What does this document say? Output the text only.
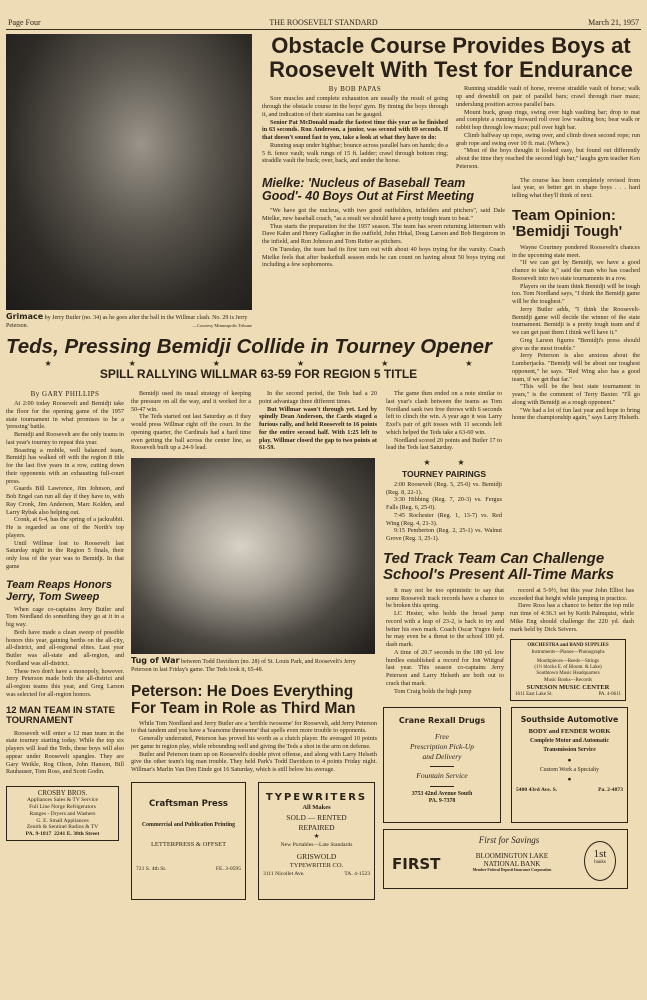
Page Four	THE ROOSEVELT STANDARD	March 21, 1957
Grimace by Jerry Butler (no. 34) as he goes after the ball in the Willmar clash. No. 29 is Jerry Peterson.	—Courtesy Minneapolis Tribune
Obstacle Course Provides Boys at Roosevelt With Test for Endurance
By BOB PAPAS

Sore muscles and complete exhaustion are usually the result of going through the obstacle course in the boys' gym. By timing the boys through it, and indication of their stamina can be gauged.

Senior Pat McDonald made the fastest time this year as he finished in 63 seconds. Ron Anderson, a junior, was second with 69 seconds. If that doesn't sound fast to you, take a look at what they have to do:

Running snap under highbar; bounce across parallel bars on hands; do a 5 ft. fence vault; walk rungs of 15 ft. ladder; crawl through bottom ring; straddle vault the buck; over, back, and under the horse.

Running straddle vault of horse, reverse straddle vault of horse; walk up and downhill on pair of parallel bars; crawl through riser maze; underslung position across parallel bars.

Mount buck, grasp rings, swing over high vaulting bar; drop to mat and complete a running forward roll over low vaulting box; bear walk or rabbit hop through low maze; pull over high bar.

Climb halfway up rope, swing over, and climb down second rope; run grab rope and swing over 10 ft. mat. (Whew.)

"Most of the boys thought it looked easy, but found out differently about the time they reached the second high bar," laughs gym teacher Ken Peterson.

Mielke: 'Nucleus of Baseball Team Good'- 40 Boys Out at First Meeting

"We have got the nucleus, with two good outfielders, infielders and pitchers", said Dale Mielke, new baseball coach, "as a result we should have a pretty tough team to beat."

Thus starts the preparation for the 1957 season. The team has seven returning lettermen with Dave Kahn and Henry Gallagher in the outfield, John Hrkal, Doug Larson and Bob Bergstrom in the infield, and Ron Johnson and Tom Reiter as pitchers.

On Tuesday, the team had its first turn out with about 40 boys trying for the varsity. Coach Mielke feels that after basketball season ends he can count on having about 50 boys trying out including a few sophomores.

The course has been completely revised from last year, so better get in shape boys . . . hard telling what they'll think of next.

Team Opinion: 'Bemidji Tough'

Wayne Courtney pondered Roosevelt's chances in the upcoming state meet.

"If we can get by Bemidji, we have a good chance to take it," said the man who has coached Roosevelt into two state tournaments in a row.

Players on the team think Bemidji will be tough too. Tom Nordland says, "I think the Bemidji game will be the toughest."

Jerry Butler adds, "I think the Roosevelt-Bemidji game will decide the winner of the state tournament. Bemidji is a pretty tough team and if we can get past them I think we'll have it."

Greg Larson figures "Bemidji's press should give us the most trouble."

Jerry Peterson is also anxious about the Lumberjacks. "Bemidji will be about our toughest opponent," he says. "Red Wing also has a good team, if we get that far."

"This will be the best state tournament in years," is the comment of Terry Baxter. "I'll go along with Bemidji as a rough opponent."

"We had a lot of fun last year and hope to bring home the championship again," says Larry Helseth.

Teds, Pressing Bemidji Collide in Tourney Opener
★	★	★	★	★	★
SPILL RALLYING WILLMAR 63-59 FOR REGION 5 TITLE
By GARY PHILLIPS

At 2:00 today Roosevelt and Bemidji take the floor for the opening game of the 1957 state tournament in what promises to be a 'pressing' battle.

Bemidji and Roosevelt are the only teams in last year's tourney to repeat this year.

Boasting a mobile, well balanced team, Bemidji has walked off with the region 8 title for the last five years in a row, cutting down their opponents with an exhausting full-court press.

Guards Bill Lawrence, Jim Johnson, and Bob Engel can run all day if they have to, with Ray Cronk, Jim Anderson, Marc Kolden, and Larry Rybak also helping out.

Cronk, at 6-4, has the spring of a jackrabbit. He is regarded as one of the North's top players.

Until Willmar lost to Roosevelt last Saturday night in the Region 5 finals, their only loss of the year was to Bemidji. In that game

Team Reaps Honors Jerry, Tom Sweep

When cage co-captains Jerry Butler and Tom Nordland do something they go at it in a big way.

Both have made a clean sweep of possible honors this year, gaining berths on the all-city, all-district, and all-regional elites. Last year Butler was all-state and all-region, and Nordland was all-district.

These two don't have a monopoly, however. Jerry Peterson made both the all-district and all-region teams this year, and Greg Larson was selected for all-region honors.

12 MAN TEAM IN STATE TOURNAMENT

Roosevelt will enter a 12 man team in the state tourney starting today. While the top six players will lead the Teds, these boys will also appear under Roosevelt spangles. They are Gary Weikle, Rog Olson, John Hanson, Bill Rauhauser, Tom Ross, and Scott Godin.

CROSBY BROS.
Appliances Sales & TV Service
Full Line Norge Refrigerators
Ranges - Dryers and Washers
G. E. Small Appliances
Zenith & Sentinel Radios & TV
PA. 9-1817 2241 E. 38th Street

Bemidji used its usual strategy of keeping the pressure on all the way, and it worked for a 50-47 win.

The Teds started out last Saturday as if they would press Willmar right off the court. In the opening quarter, the Cardinals had a hard time even getting the ball across the center line, as Roosevelt built up a 24-9 lead.

In the second period, the Teds had a 20 point advantage three different times.

But Willmar wasn't through yet. Led by spindly Dean Anderson, the Cards staged a furious rally, and held Roosevelt to 16 points for the entire second half. With 1:25 left to play, Willmar closed the gap to two points at 61-59.

Tug of War between Todd Davidson (no. 28) of St. Louis Park, and Roosevelt's Jerry Peterson in last Friday's game. The Teds took it, 65-48.
Peterson: He Does Everything For Team in Role as Third Man

While Tom Nordland and Jerry Butler are a 'terrible twosome' for Roosevelt, add Jerry Peterson to that tandem and you have a 'fearsome threesome' that spells even more trouble to opponents.

Generally underrated, Peterson has proved his worth as a clutch player. He averaged 10 points per game in region play, while rebounding well and giving the Teds a shot in the arm on defense.

Butler and Peterson team up on Roosevelt's double pivot offense, and along with Larry Helseth give the other team's big man trouble. They held Park's Todd Davidson to 4 points Friday night. Willmar's Marlin Van Den Einde got 16 Saturday, which is still below his average.

Craftsman Press
Commercial and Publication Printing
LETTERPRESS & OFFSET
721 S. 4th St.	FE. 3-0595
TYPEWRITERS
All Makes
SOLD — RENTED
REPAIRED
★
New Portables—Late Standards
GRISWOLD
TYPEWRITER CO.
3111 Nicollet Ave.	TA. 4-1523

The game then ended on a note similar to last year's clash between the teams as Tom Nordland sank two free throws with 6 seconds left to clinch the win. A year ago it was Larry Exel's pair of gift tosses with 11 seconds left which helped the Teds take a 63-60 win.

Nordland scored 20 points and Butler 17 to lead the Teds last Saturday.

★	★
TOURNEY PAIRINGS

2:00 Roosevelt (Reg. 5, 25-0) vs. Bemidji (Reg. 8, 22-1).

3:30 Hibbing (Reg. 7, 20-3) vs. Fergus Falls (Reg. 6, 25-0).

7:45 Rochester (Reg. 1, 13-7) vs. Red Wing (Reg. 4, 21-3).

9:15 Pemberton (Reg. 2, 25-1) vs. Walnut Grove (Reg. 3, 25-1).

Ted Track Team Can Challenge School's Present All-Time Marks

It may not be too optimistic to say that some Roosevelt track records have a chance to be broken this spring.

LC Hester, who holds the broad jump record with a leap of 23-2, is back to try and better his own mark. Coach Oscar Yngve feels he may even be a threat to the school 100 yd. dash mark.

A time of 20.7 seconds in the 180 yd. low hurdles established a record for Jon Wittgraf last year. This season co-captains Jerry Peterson and Larry Helseth are both out to crack that mark.

Tom Craig holds the high jump

record at 5-9½, but this year John Elliot has exceeded that height while jumping in practice.

Dave Ross has a chance to better the top mile run time of 4:36.3 set by Keith Palmquist, while Mike Eng should challenge the 220 yd. dash mark held by Dick Seivers.

ORCHESTRA and BAND SUPPLIES
Instruments—Pianos—Phonographs
Mouthpieces—Reeds—Strings
(1½ blocks E. of Bloom. & Lake)
Southtown Music Headquarters
Music Books—Records
SUNESON MUSIC CENTER
1611 East Lake St.	PA. 4-0611
Crane Rexall Drugs
Free
Prescription Pick-Up
and Delivery
Fountain Service
3753 42nd Avenue South
PA. 9-7378
Southside Automotive
BODY and FENDER WORK
Complete Motor and Automatic
Transmission Service
●
Custom Work a Specialty
●
5400 43rd Ave. S.	Pa. 2-4873
First for Savings
FIRST	BLOOMINGTON LAKE
NATIONAL BANK
Member Federal Deposit Insurance Corporation
1st
banks
